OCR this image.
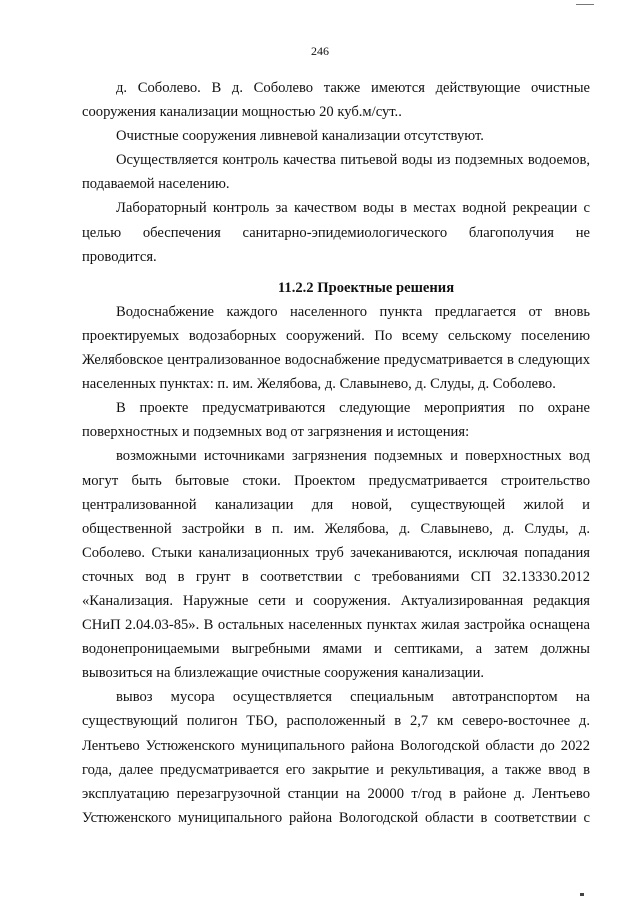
246

д. Соболево. В д. Соболево также имеются действующие очистные сооружения канализации мощностью 20 куб.м/сут..

Очистные сооружения ливневой канализации отсутствуют.

Осуществляется контроль качества питьевой воды из подземных водоемов, подаваемой населению.

Лабораторный контроль за качеством воды в местах водной рекреации с целью обеспечения санитарно-эпидемиологического благополучия не проводится.

11.2.2 Проектные решения

Водоснабжение каждого населенного пункта предлагается от вновь проектируемых водозаборных сооружений. По всему сельскому поселению Желябовское централизованное водоснабжение предусматривается в следующих населенных пунктах: п. им. Желябова, д. Славынево, д. Слуды, д. Соболево.

В проекте предусматриваются следующие мероприятия по охране поверхностных и подземных вод от загрязнения и истощения:

возможными источниками загрязнения подземных и поверхностных вод могут быть бытовые стоки. Проектом предусматривается строительство централизованной канализации для новой, существующей жилой и общественной застройки в п. им. Желябова, д. Славынево, д. Слуды, д. Соболево. Стыки канализационных труб зачеканиваются, исключая попадания сточных вод в грунт в соответствии с требованиями СП 32.13330.2012 «Канализация. Наружные сети и сооружения. Актуализированная редакция СНиП 2.04.03-85». В остальных населенных пунктах жилая застройка оснащена водонепроницаемыми выгребными ямами и септиками, а затем должны вывозиться на близлежащие очистные сооружения канализации.

вывоз мусора осуществляется специальным автотранспортом на существующий полигон ТБО, расположенный в 2,7 км северо-восточнее д. Лентьево Устюженского муниципального района Вологодской области до 2022 года, далее предусматривается его закрытие и рекультивация, а также ввод в эксплуатацию перезагрузочной станции на 20000 т/год в районе д. Лентьево Устюженского муниципального района Вологодской области в соответствии с
